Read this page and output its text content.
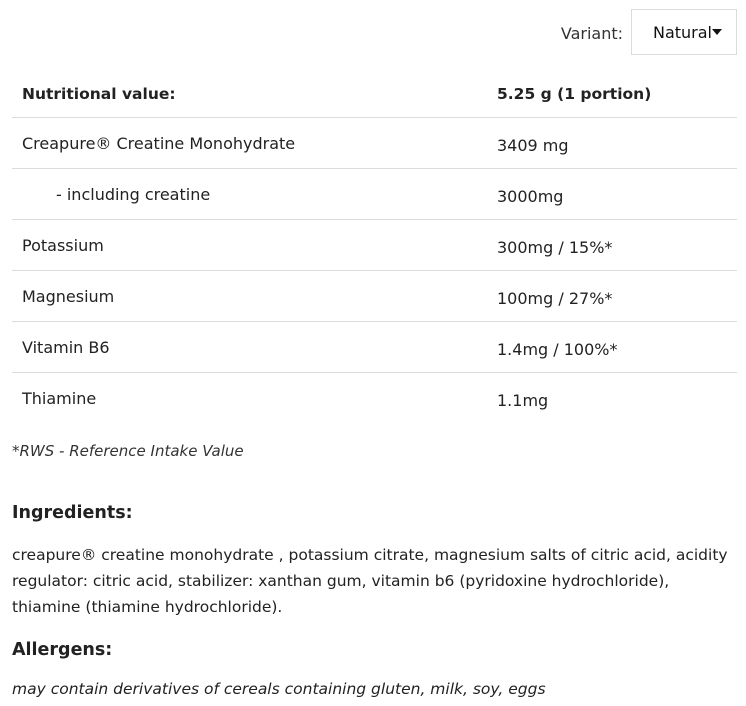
Variant: Natural
Nutritional value:	5.25 g (1 portion)
Creapure® Creatine Monohydrate	3409 mg
- including creatine	3000mg
Potassium	300mg / 15%*
Magnesium	100mg / 27%*
Vitamin B6	1.4mg / 100%*
Thiamine	1.1mg
*RWS - Reference Intake Value
Ingredients:

creapure® creatine monohydrate , potassium citrate, magnesium salts of citric acid, acidity regulator: citric acid, stabilizer: xanthan gum, vitamin b6 (pyridoxine hydrochloride), thiamine (thiamine hydrochloride).

Allergens:

may contain derivatives of cereals containing gluten, milk, soy, eggs
